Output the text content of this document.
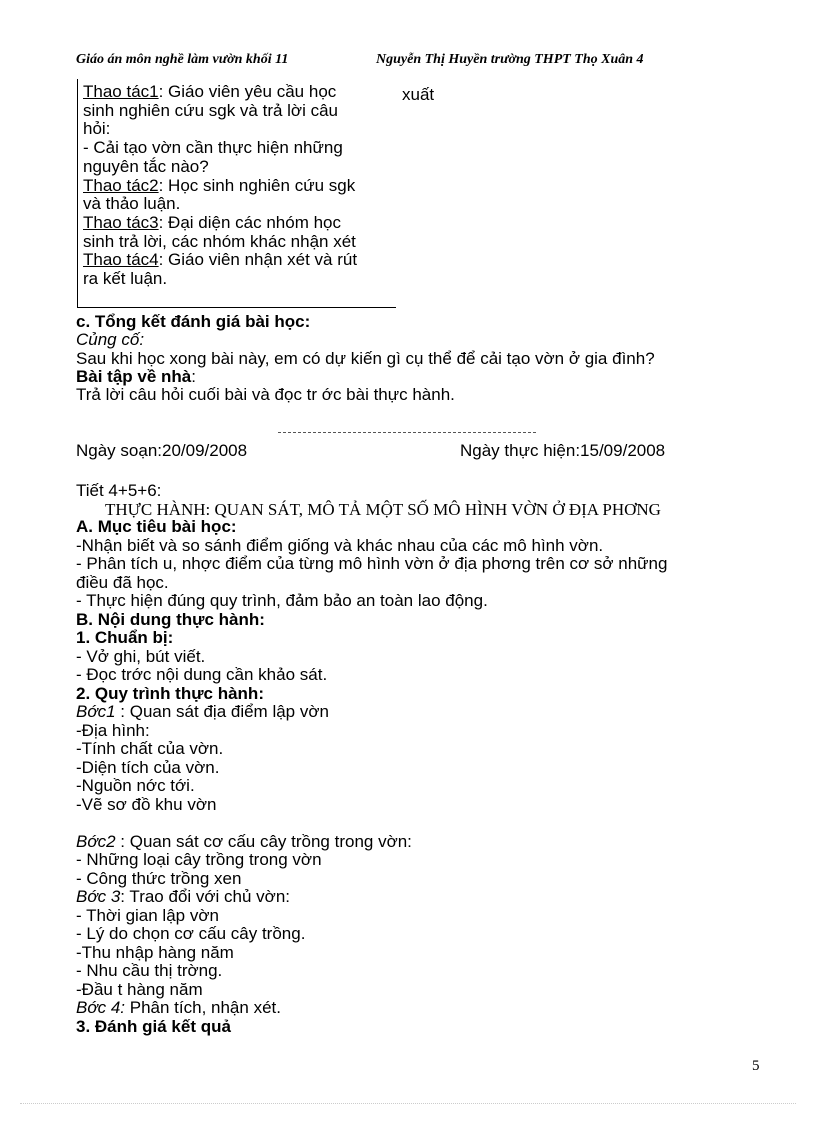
Giáo án môn nghề làm vườn khối 11	Nguyễn Thị Huyền trường THPT Thọ Xuân 4
Thao tác1: Giáo viên yêu cầu học
sinh nghiên cứu sgk và trả lời câu
hỏi:
- Cải tạo vờn cần thực hiện những
nguyên tắc nào?
Thao tác2: Học sinh nghiên cứu sgk
và thảo luận.
Thao tác3: Đại diện các nhóm học
sinh trả lời, các nhóm khác nhận xét
Thao tác4: Giáo viên nhận xét và rút
ra kết luận.
xuất
c. Tổng kết đánh giá bài học:
Củng cố:
Sau khi học xong bài này, em có dự kiến gì cụ thể để cải tạo vờn ở gia đình?
Bài tập về nhà:
Trả lời câu hỏi cuối bài và đọc tr ớc bài thực hành.
Ngày soạn:20/09/2008	Ngày thực hiện:15/09/2008
Tiết 4+5+6:
THỰC HÀNH: QUAN SÁT, MÔ TẢ MỘT SỐ MÔ HÌNH VỜN Ở ĐỊA PHƠNG
A. Mục tiêu bài học:
-Nhận biết và so sánh điểm giống và khác nhau của các mô hình vờn.
- Phân tích u, nhợc điểm của từng mô hình vờn ở địa phơng trên cơ sở những
điều đã học.
- Thực hiện đúng quy trình, đảm bảo an toàn lao động.
B. Nội dung thực hành:
1. Chuẩn bị:
- Vở ghi, bút viết.
- Đọc trớc nội dung cần khảo sát.
2. Quy trình thực hành:
Bớc1 : Quan sát địa điểm lập vờn
-Địa hình:
-Tính chất của vờn.
-Diện tích của vờn.
-Nguồn nớc tới.
-Vẽ sơ đồ khu vờn
Bớc2 : Quan sát cơ cấu cây trồng trong vờn:
- Những loại cây trồng trong vờn
- Công thức trồng xen
Bớc 3: Trao đổi với chủ vờn:
- Thời gian lập vờn
- Lý do chọn cơ cấu cây trồng.
-Thu nhập hàng năm
- Nhu cầu thị trờng.
-Đầu t hàng năm
Bớc 4: Phân tích, nhận xét.
3. Đánh giá kết quả
5
